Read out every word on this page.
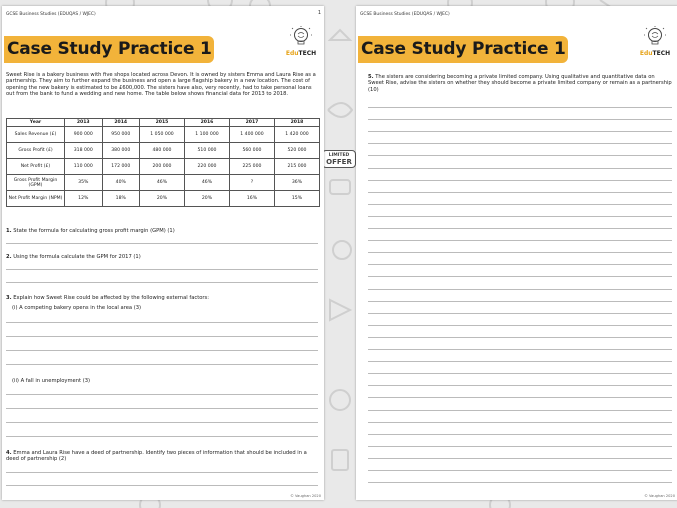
LIMITED
OFFER
GCSE Business Studies (EDUQAS / WJEC)	1
Case Study Practice 1	EduTECH
Sweet Rise is a bakery business with five shops located across Devon. It is owned by sisters Emma and Laura Rise as a partnership. They aim to further expand the business and open a large flagship bakery in a new location. The cost of opening the new bakery is estimated to be £600,000. The sisters have also, very recently, had to take personal loans out from the bank to fund a wedding and new home. The table below shows financial data for 2013 to 2018.
Year	2013	2014	2015	2016	2017	2018
Sales Revenue (£)	900 000	950 000	1 050 000	1 100 000	1 400 000	1 420 000
Gross Profit (£)	318 000	380 000	480 000	510 000	560 000	520 000
Net Profit (£)	110 000	172 000	200 000	220 000	225 000	215 000
Gross Profit Margin (GPM)	35%	40%	46%	46%	?	36%
Net Profit Margin (NPM)	12%	18%	20%	20%	16%	15%
1. State the formula for calculating gross profit margin (GPM) (1)
2. Using the formula calculate the GPM for 2017 (1)
3. Explain how Sweet Rise could be affected by the following external factors:
(i) A competing bakery opens in the local area (3)
(ii) A fall in unemployment (3)
4. Emma and Laura Rise have a deed of partnership. Identify two pieces of information that should be included in a deed of partnership (2)
© Vaughan 2020
GCSE Business Studies (EDUQAS / WJEC)
Case Study Practice 1	EduTECH
5. The sisters are considering becoming a private limited company. Using qualitative and quantitative data on Sweet Rise, advise the sisters on whether they should become a private limited company or remain as a partnership (10)
© Vaughan 2020
